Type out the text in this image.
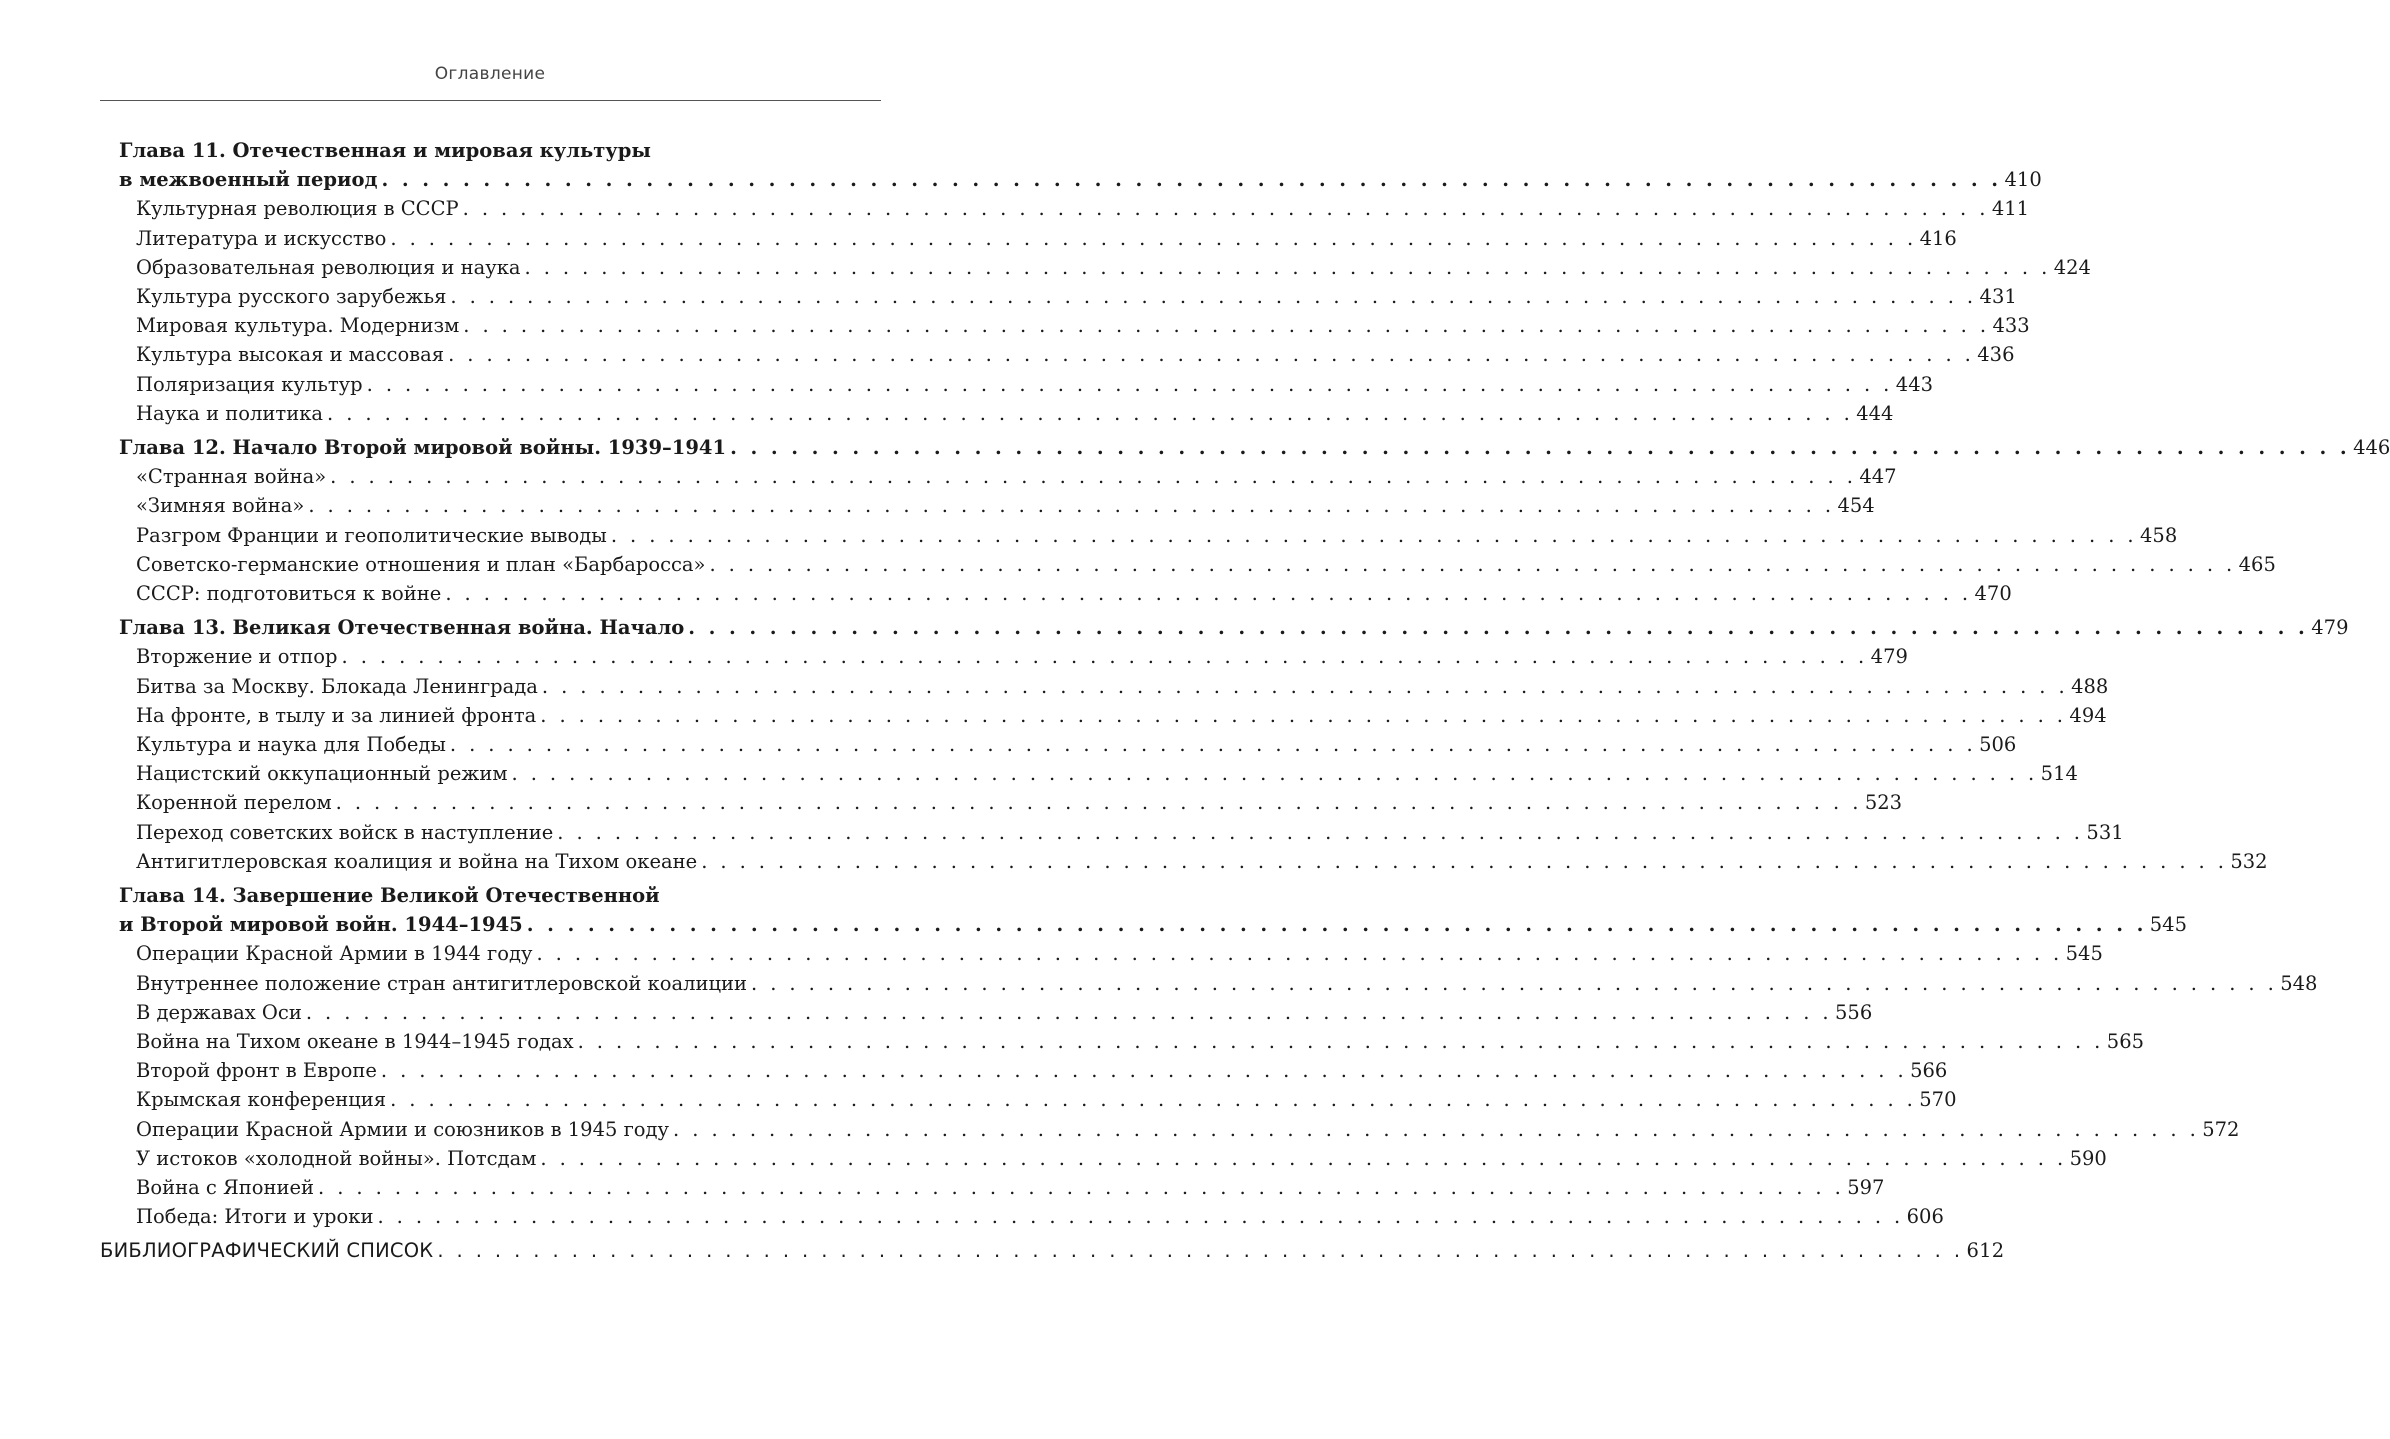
Оглавление
Глава 11. Отечественная и мировая культуры
в межвоенный период . . . . . . . . . . . . . . . . . . . . . . . . . . . . . . . . . . . . . . . . . . . . . . . . . . . . . . . . . . . . . . . . . . . . . . . . . . . . . . . . 410
Культурная революция в СССР . . . . . . . . . . . . . . . . . . . . . . . . . . . . . . . . . . . . . . . . . . . . . . . . . . . . . . . . . . . . . . . . . . . . . . . . . . . . . . . . 411
Литература и искусство . . . . . . . . . . . . . . . . . . . . . . . . . . . . . . . . . . . . . . . . . . . . . . . . . . . . . . . . . . . . . . . . . . . . . . . . . . . . . . . . 416
Образовательная революция и наука . . . . . . . . . . . . . . . . . . . . . . . . . . . . . . . . . . . . . . . . . . . . . . . . . . . . . . . . . . . . . . . . . . . . . . . . . . . . . . . . 424
Культура русского зарубежья . . . . . . . . . . . . . . . . . . . . . . . . . . . . . . . . . . . . . . . . . . . . . . . . . . . . . . . . . . . . . . . . . . . . . . . . . . . . . . . . 431
Мировая культура. Модернизм . . . . . . . . . . . . . . . . . . . . . . . . . . . . . . . . . . . . . . . . . . . . . . . . . . . . . . . . . . . . . . . . . . . . . . . . . . . . . . . . 433
Культура высокая и массовая . . . . . . . . . . . . . . . . . . . . . . . . . . . . . . . . . . . . . . . . . . . . . . . . . . . . . . . . . . . . . . . . . . . . . . . . . . . . . . . . 436
Поляризация культур . . . . . . . . . . . . . . . . . . . . . . . . . . . . . . . . . . . . . . . . . . . . . . . . . . . . . . . . . . . . . . . . . . . . . . . . . . . . . . . . 443
Наука и политика . . . . . . . . . . . . . . . . . . . . . . . . . . . . . . . . . . . . . . . . . . . . . . . . . . . . . . . . . . . . . . . . . . . . . . . . . . . . . . . . 444
Глава 12. Начало Второй мировой войны. 1939–1941 . . . . . . . . . . . . . . . . . . . . . . . . . . . . . . . . . . . . . . . . . . . . . . . . . . . . . . . . . . . . . . . . . . . . . . . . . . . . . . . . 446
«Странная война» . . . . . . . . . . . . . . . . . . . . . . . . . . . . . . . . . . . . . . . . . . . . . . . . . . . . . . . . . . . . . . . . . . . . . . . . . . . . . . . . 447
«Зимняя война» . . . . . . . . . . . . . . . . . . . . . . . . . . . . . . . . . . . . . . . . . . . . . . . . . . . . . . . . . . . . . . . . . . . . . . . . . . . . . . . . 454
Разгром Франции и геополитические выводы . . . . . . . . . . . . . . . . . . . . . . . . . . . . . . . . . . . . . . . . . . . . . . . . . . . . . . . . . . . . . . . . . . . . . . . . . . . . . . . . 458
Советско-германские отношения и план «Барбаросса» . . . . . . . . . . . . . . . . . . . . . . . . . . . . . . . . . . . . . . . . . . . . . . . . . . . . . . . . . . . . . . . . . . . . . . . . . . . . . . . . 465
СССР: подготовиться к войне . . . . . . . . . . . . . . . . . . . . . . . . . . . . . . . . . . . . . . . . . . . . . . . . . . . . . . . . . . . . . . . . . . . . . . . . . . . . . . . . 470
Глава 13. Великая Отечественная война. Начало . . . . . . . . . . . . . . . . . . . . . . . . . . . . . . . . . . . . . . . . . . . . . . . . . . . . . . . . . . . . . . . . . . . . . . . . . . . . . . . . 479
Вторжение и отпор . . . . . . . . . . . . . . . . . . . . . . . . . . . . . . . . . . . . . . . . . . . . . . . . . . . . . . . . . . . . . . . . . . . . . . . . . . . . . . . . 479
Битва за Москву. Блокада Ленинграда . . . . . . . . . . . . . . . . . . . . . . . . . . . . . . . . . . . . . . . . . . . . . . . . . . . . . . . . . . . . . . . . . . . . . . . . . . . . . . . . 488
На фронте, в тылу и за линией фронта . . . . . . . . . . . . . . . . . . . . . . . . . . . . . . . . . . . . . . . . . . . . . . . . . . . . . . . . . . . . . . . . . . . . . . . . . . . . . . . . 494
Культура и наука для Победы . . . . . . . . . . . . . . . . . . . . . . . . . . . . . . . . . . . . . . . . . . . . . . . . . . . . . . . . . . . . . . . . . . . . . . . . . . . . . . . . 506
Нацистский оккупационный режим . . . . . . . . . . . . . . . . . . . . . . . . . . . . . . . . . . . . . . . . . . . . . . . . . . . . . . . . . . . . . . . . . . . . . . . . . . . . . . . . 514
Коренной перелом . . . . . . . . . . . . . . . . . . . . . . . . . . . . . . . . . . . . . . . . . . . . . . . . . . . . . . . . . . . . . . . . . . . . . . . . . . . . . . . . 523
Переход советских войск в наступление . . . . . . . . . . . . . . . . . . . . . . . . . . . . . . . . . . . . . . . . . . . . . . . . . . . . . . . . . . . . . . . . . . . . . . . . . . . . . . . . 531
Антигитлеровская коалиция и война на Тихом океане . . . . . . . . . . . . . . . . . . . . . . . . . . . . . . . . . . . . . . . . . . . . . . . . . . . . . . . . . . . . . . . . . . . . . . . . . . . . . . . . 532
Глава 14. Завершение Великой Отечественной
и Второй мировой войн. 1944–1945 . . . . . . . . . . . . . . . . . . . . . . . . . . . . . . . . . . . . . . . . . . . . . . . . . . . . . . . . . . . . . . . . . . . . . . . . . . . . . . . . 545
Операции Красной Армии в 1944 году . . . . . . . . . . . . . . . . . . . . . . . . . . . . . . . . . . . . . . . . . . . . . . . . . . . . . . . . . . . . . . . . . . . . . . . . . . . . . . . . 545
Внутреннее положение стран антигитлеровской коалиции . . . . . . . . . . . . . . . . . . . . . . . . . . . . . . . . . . . . . . . . . . . . . . . . . . . . . . . . . . . . . . . . . . . . . . . . . . . . . . . . 548
В державах Оси . . . . . . . . . . . . . . . . . . . . . . . . . . . . . . . . . . . . . . . . . . . . . . . . . . . . . . . . . . . . . . . . . . . . . . . . . . . . . . . . 556
Война на Тихом океане в 1944–1945 годах . . . . . . . . . . . . . . . . . . . . . . . . . . . . . . . . . . . . . . . . . . . . . . . . . . . . . . . . . . . . . . . . . . . . . . . . . . . . . . . . 565
Второй фронт в Европе . . . . . . . . . . . . . . . . . . . . . . . . . . . . . . . . . . . . . . . . . . . . . . . . . . . . . . . . . . . . . . . . . . . . . . . . . . . . . . . . 566
Крымская конференция . . . . . . . . . . . . . . . . . . . . . . . . . . . . . . . . . . . . . . . . . . . . . . . . . . . . . . . . . . . . . . . . . . . . . . . . . . . . . . . . 570
Операции Красной Армии и союзников в 1945 году . . . . . . . . . . . . . . . . . . . . . . . . . . . . . . . . . . . . . . . . . . . . . . . . . . . . . . . . . . . . . . . . . . . . . . . . . . . . . . . . 572
У истоков «холодной войны». Потсдам . . . . . . . . . . . . . . . . . . . . . . . . . . . . . . . . . . . . . . . . . . . . . . . . . . . . . . . . . . . . . . . . . . . . . . . . . . . . . . . . 590
Война с Японией . . . . . . . . . . . . . . . . . . . . . . . . . . . . . . . . . . . . . . . . . . . . . . . . . . . . . . . . . . . . . . . . . . . . . . . . . . . . . . . . 597
Победа: Итоги и уроки . . . . . . . . . . . . . . . . . . . . . . . . . . . . . . . . . . . . . . . . . . . . . . . . . . . . . . . . . . . . . . . . . . . . . . . . . . . . . . . . 606
БИБЛИОГРАФИЧЕСКИЙ СПИСОК . . . . . . . . . . . . . . . . . . . . . . . . . . . . . . . . . . . . . . . . . . . . . . . . . . . . . . . . . . . . . . . . . . . . . . . . . . . . . . . . 612
